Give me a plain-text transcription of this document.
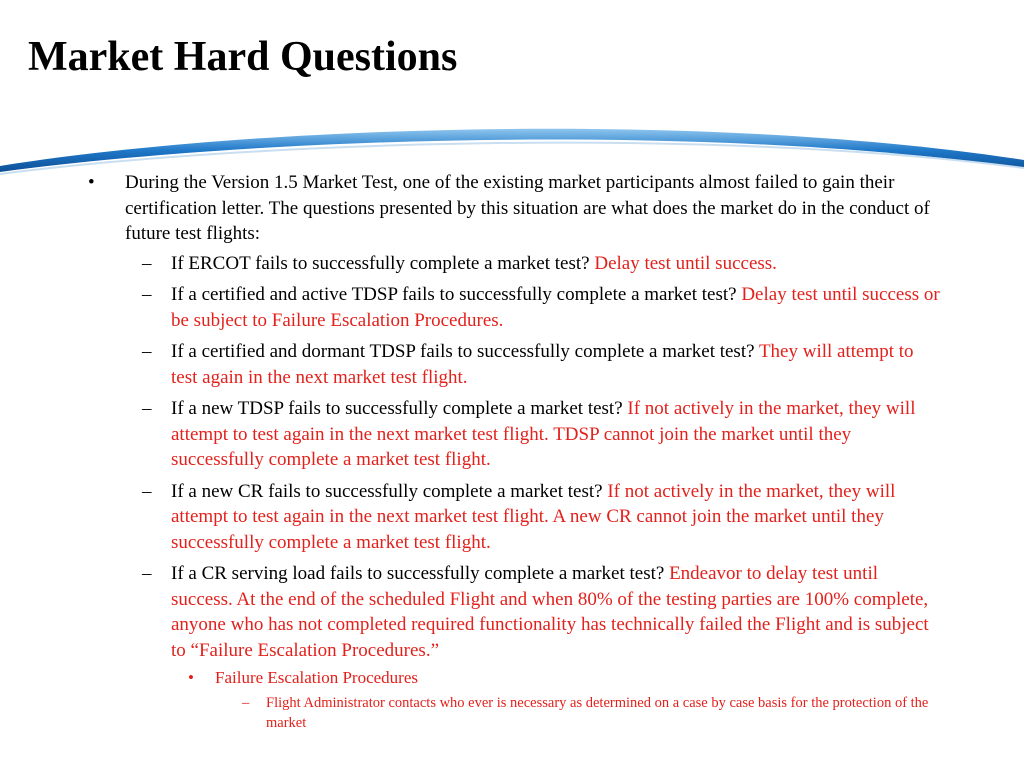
Market Hard Questions
• During the Version 1.5 Market Test, one of the existing market participants almost failed to gain their certification letter. The questions presented by this situation are what does the market do in the conduct of future test flights:
– If ERCOT fails to successfully complete a market test? Delay test until success.
– If a certified and active TDSP fails to successfully complete a market test? Delay test until success or be subject to Failure Escalation Procedures.
– If a certified and dormant TDSP fails to successfully complete a market test? They will attempt to test again in the next market test flight.
– If a new TDSP fails to successfully complete a market test? If not actively in the market, they will attempt to test again in the next market test flight. TDSP cannot join the market until they successfully complete a market test flight.
– If a new CR fails to successfully complete a market test? If not actively in the market, they will attempt to test again in the next market test flight. A new CR cannot join the market until they successfully complete a market test flight.
– If a CR serving load fails to successfully complete a market test? Endeavor to delay test until success. At the end of the scheduled Flight and when 80% of the testing parties are 100% complete, anyone who has not completed required functionality has technically failed the Flight and is subject to “Failure Escalation Procedures.”
• Failure Escalation Procedures
– Flight Administrator contacts who ever is necessary as determined on a case by case basis for the protection of the market
